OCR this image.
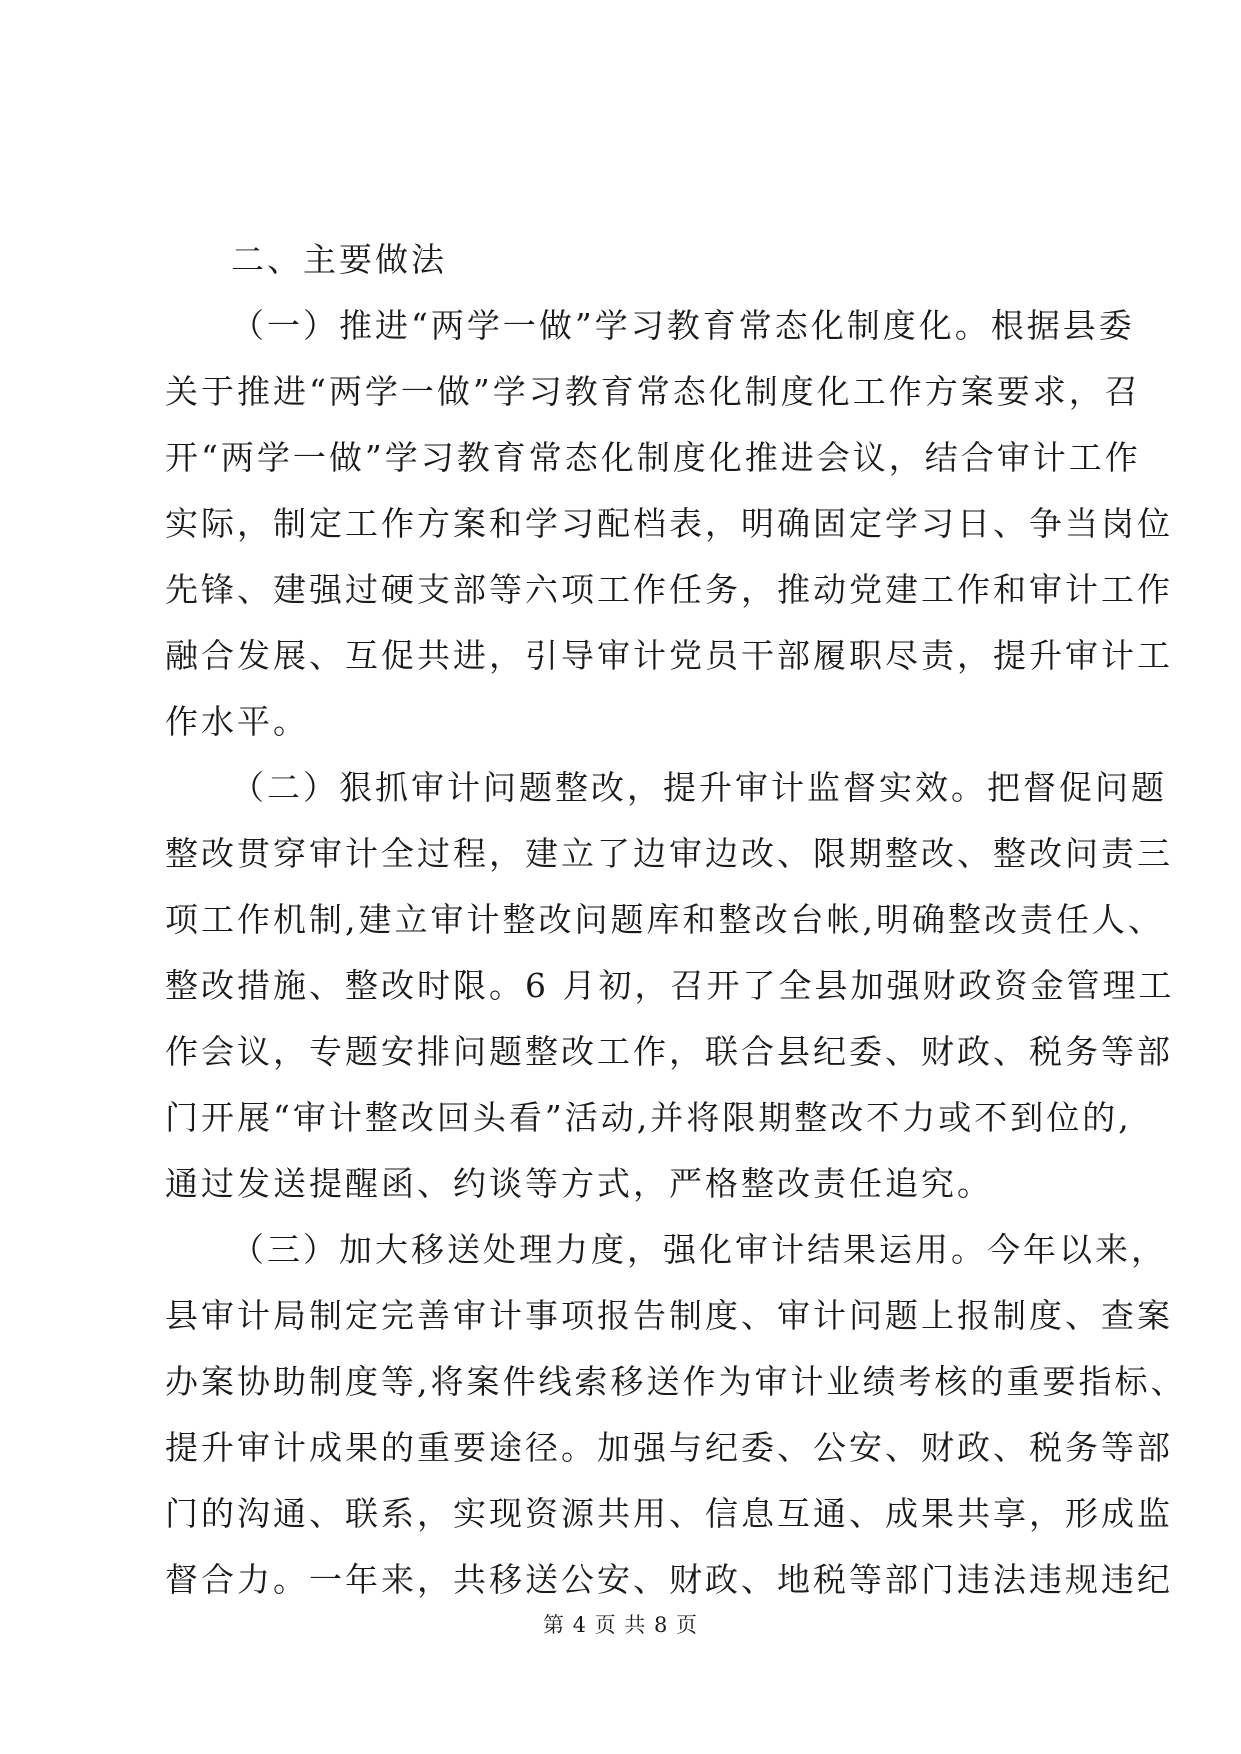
二、主要做法
（一）推进“两学一做”学习教育常态化制度化。根据县委
关于推进“两学一做”学习教育常态化制度化工作方案要求，召
开“两学一做”学习教育常态化制度化推进会议，结合审计工作
实际，制定工作方案和学习配档表，明确固定学习日、争当岗位
先锋、建强过硬支部等六项工作任务，推动党建工作和审计工作
融合发展、互促共进，引导审计党员干部履职尽责，提升审计工
作水平。
（二）狠抓审计问题整改，提升审计监督实效。把督促问题
整改贯穿审计全过程，建立了边审边改、限期整改、整改问责三
项工作机制,建立审计整改问题库和整改台帐,明确整改责任人、
整改措施、整改时限。6 月初，召开了全县加强财政资金管理工
作会议，专题安排问题整改工作，联合县纪委、财政、税务等部
门开展“审计整改回头看”活动,并将限期整改不力或不到位的,
通过发送提醒函、约谈等方式，严格整改责任追究。
（三）加大移送处理力度，强化审计结果运用。今年以来，
县审计局制定完善审计事项报告制度、审计问题上报制度、查案
办案协助制度等,将案件线索移送作为审计业绩考核的重要指标、
提升审计成果的重要途径。加强与纪委、公安、财政、税务等部
门的沟通、联系，实现资源共用、信息互通、成果共享，形成监
督合力。一年来，共移送公安、财政、地税等部门违法违规违纪
第 4 页 共 8 页
